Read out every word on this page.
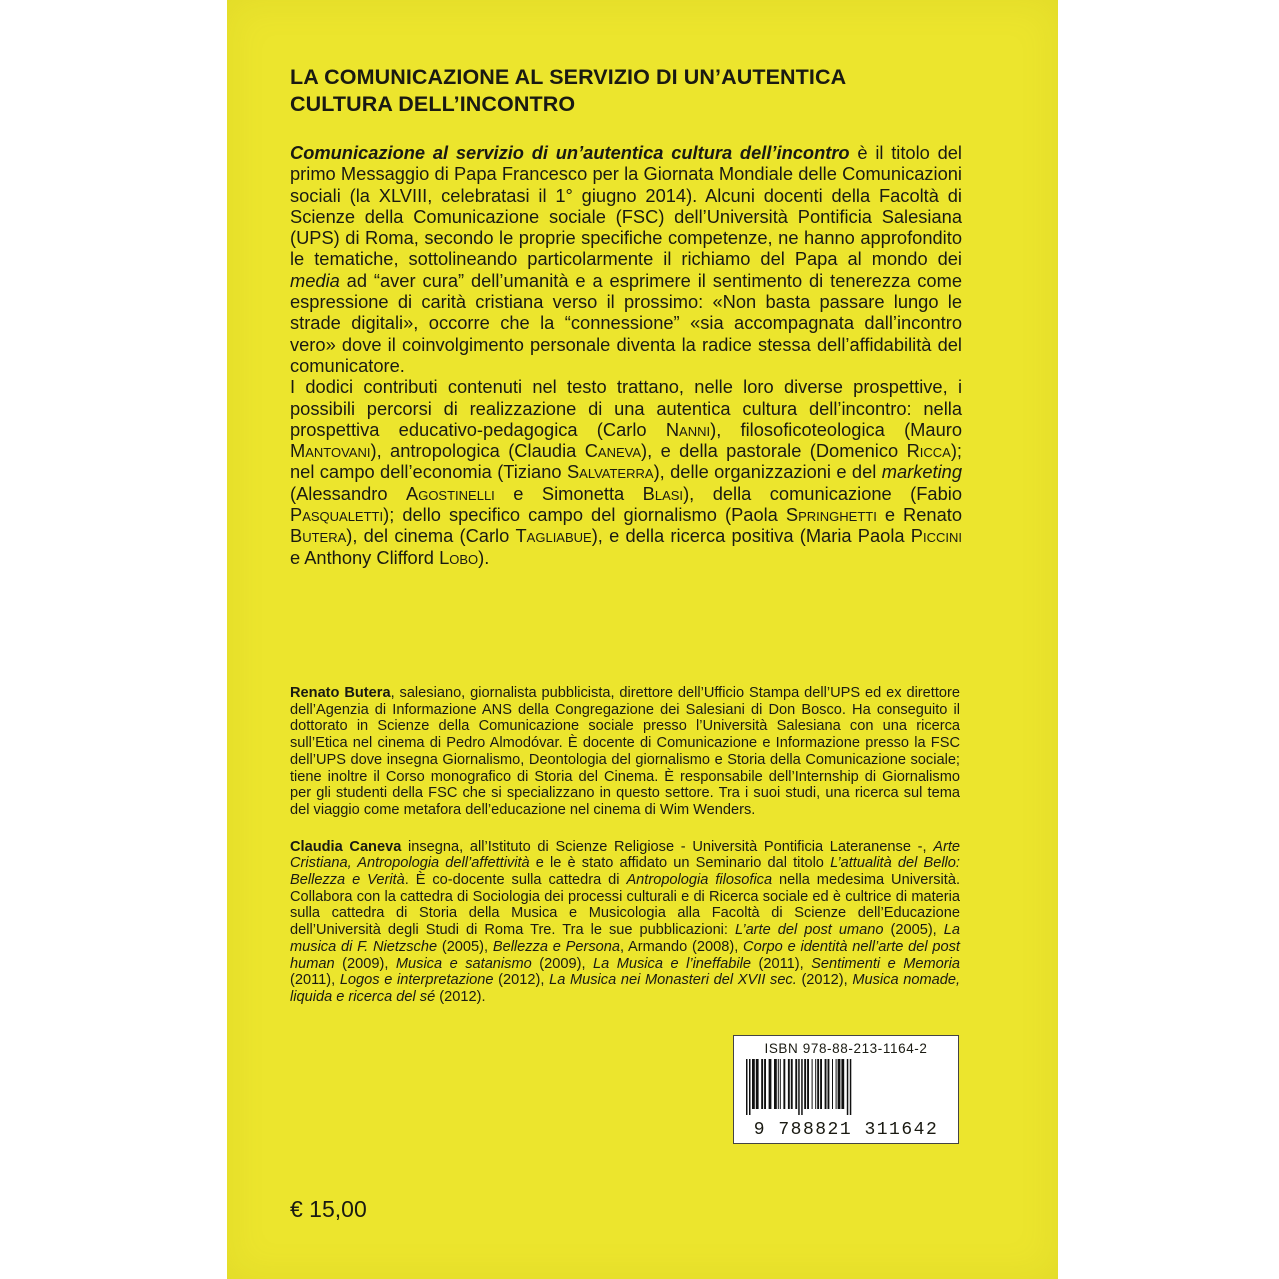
LA COMUNICAZIONE AL SERVIZIO DI UN’AUTENTICA
CULTURA DELL’INCONTRO

Comunicazione al servizio di un’autentica cultura dell’incontro è il titolo del primo Messaggio di Papa Francesco per la Giornata Mondiale delle Comunicazioni sociali (la XLVIII, celebratasi il 1° giugno 2014). Alcuni docenti della Facoltà di Scienze della Comunicazione sociale (FSC) dell’Università Pontificia Salesiana (UPS) di Roma, secondo le proprie specifiche competenze, ne hanno approfondito le tematiche, sottolineando particolarmente il richiamo del Papa al mondo dei media ad “aver cura” dell’umanità e a esprimere il sentimento di tenerezza come espressione di carità cristiana verso il prossimo: «Non basta passare lungo le strade digitali», occorre che la “connessione” «sia accompagnata dall’incontro vero» dove il coinvolgimento personale diventa la radice stessa dell’affidabilità del comunicatore.

I dodici contributi contenuti nel testo trattano, nelle loro diverse prospettive, i possibili percorsi di realizzazione di una autentica cultura dell’incontro: nella prospettiva educativo-pedagogica (Carlo Nanni), filosoficoteologica (Mauro Mantovani), antropologica (Claudia Caneva), e della pastorale (Domenico Ricca); nel campo dell’economia (Tiziano Salvaterra), delle organizzazioni e del marketing (Alessandro Agostinelli e Simonetta Blasi), della comunicazione (Fabio Pasqualetti); dello specifico campo del giornalismo (Paola Springhetti e Renato Butera), del cinema (Carlo Tagliabue), e della ricerca positiva (Maria Paola Piccini e Anthony Clifford Lobo).

Renato Butera, salesiano, giornalista pubblicista, direttore dell’Ufficio Stampa dell’UPS ed ex direttore dell’Agenzia di Informazione ANS della Congregazione dei Salesiani di Don Bosco. Ha conseguito il dottorato in Scienze della Comunicazione sociale presso l’Università Salesiana con una ricerca sull’Etica nel cinema di Pedro Almodóvar. È docente di Comunicazione e Informazione presso la FSC dell’UPS dove insegna Giornalismo, Deontologia del giornalismo e Storia della Comunicazione sociale; tiene inoltre il Corso monografico di Storia del Cinema. È responsabile dell’Internship di Giornalismo per gli studenti della FSC che si specializzano in questo settore. Tra i suoi studi, una ricerca sul tema del viaggio come metafora dell’educazione nel cinema di Wim Wenders.

Claudia Caneva insegna, all’Istituto di Scienze Religiose - Università Pontificia Lateranense -, Arte Cristiana, Antropologia dell’affettività e le è stato affidato un Seminario dal titolo L’attualità del Bello: Bellezza e Verità. È co-docente sulla cattedra di Antropologia filosofica nella medesima Università. Collabora con la cattedra di Sociologia dei processi culturali e di Ricerca sociale ed è cultrice di materia sulla cattedra di Storia della Musica e Musicologia alla Facoltà di Scienze dell’Educazione dell’Università degli Studi di Roma Tre. Tra le sue pubblicazioni: L’arte del post umano (2005), La musica di F. Nietzsche (2005), Bellezza e Persona, Armando (2008), Corpo e identità nell’arte del post human (2009), Musica e satanismo (2009), La Musica e l’ineffabile (2011), Sentimenti e Memoria (2011), Logos e interpretazione (2012), La Musica nei Monasteri del XVII sec. (2012), Musica nomade, liquida e ricerca del sé (2012).

ISBN 978-88-213-1164-2
9 788821 311642
€ 15,00
